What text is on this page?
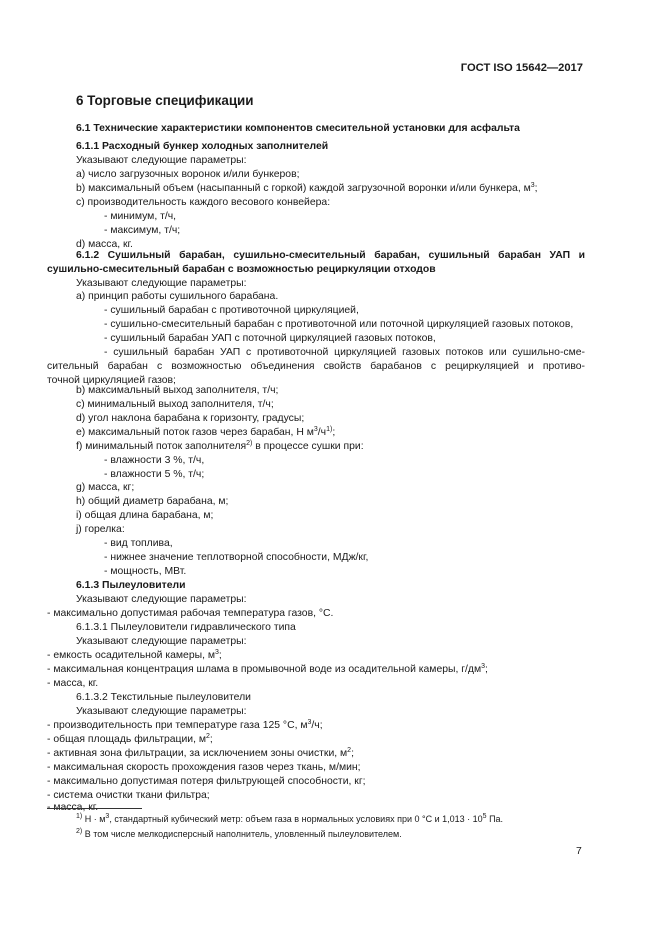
ГОСТ ISO 15642—2017
6 Торговые спецификации
6.1 Технические характеристики компонентов смесительной установки для асфальта
6.1.1 Расходный бункер холодных заполнителей
Указывают следующие параметры:
a) число загрузочных воронок и/или бункеров;
b) максимальный объем (насыпанный с горкой) каждой загрузочной воронки и/или бункера, $м^3$;
c) производительность каждого весового конвейера:
- минимум, т/ч,
- максимум, т/ч;
d) масса, кг.
6.1.2 Сушильный барабан, сушильно-смесительный барабан, сушильный барабан УАП и
сушильно-смесительный барабан с возможностью рециркуляции отходов
Указывают следующие параметры:
a) принцип работы сушильного барабана.
- сушильный барабан с противоточной циркуляцией,
- сушильно-смесительный барабан с противоточной или поточной циркуляцией газовых потоков,
- сушильный барабан УАП с поточной циркуляцией газовых потоков,
- сушильный барабан УАП с противоточной циркуляцией газовых потоков или сушильно-сме-
сительный барабан с возможностью объединения свойств барабанов с рециркуляцией и противо-
точной циркуляцией газов;
b) максимальный выход заполнителя, т/ч;
c) минимальный выход заполнителя, т/ч;
d) угол наклона барабана к горизонту, градусы;
e) максимальный поток газов через барабан, Н $м^3/ч^{1)}$;
f) минимальный поток заполнителя$^{2)}$ в процессе сушки при:
- влажности 3 %, т/ч,
- влажности 5 %, т/ч;
g) масса, кг;
h) общий диаметр барабана, м;
i) общая длина барабана, м;
j) горелка:
- вид топлива,
- нижнее значение теплотворной способности, МДж/кг,
- мощность, МВт.
6.1.3 Пылеуловители
Указывают следующие параметры:
- максимально допустимая рабочая температура газов, °С.
6.1.3.1 Пылеуловители гидравлического типа
Указывают следующие параметры:
- емкость осадительной камеры, $м^3$;
- максимальная концентрация шлама в промывочной воде из осадительной камеры, $г/дм^3$;
- масса, кг.
6.1.3.2 Текстильные пылеуловители
Указывают следующие параметры:
- производительность при температуре газа 125 °С, $м^3/ч$;
- общая площадь фильтрации, $м^2$;
- активная зона фильтрации, за исключением зоны очистки, $м^2$;
- максимальная скорость прохождения газов через ткань, м/мин;
- максимально допустимая потеря фильтрующей способности, кг;
- система очистки ткани фильтра;
- масса, кг.
$^{1)}$ $Н \cdot м^3$, стандартный кубический метр: объем газа в нормальных условиях при 0 °С и $1,013 \cdot 10^5$ Па.
$^{2)}$ В том числе мелкодисперсный наполнитель, уловленный пылеуловителем.
7
